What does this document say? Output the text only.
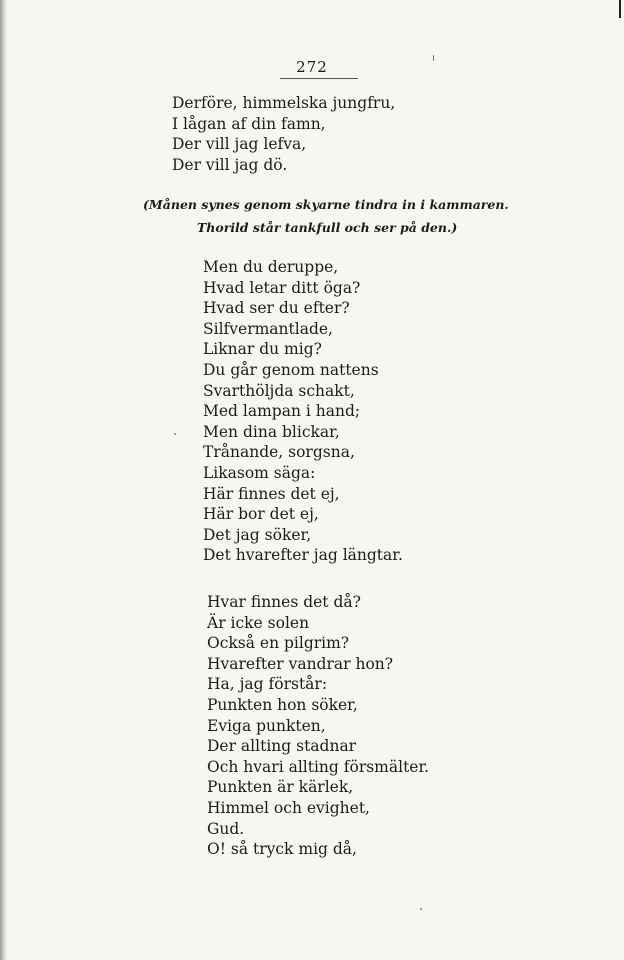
272
Derföre, himmelska jungfru,
I lågan af din famn,
Der vill jag lefva,
Der vill jag dö.

(Månen synes genom skyarne tindra in i kammaren.

Thorild står tankfull och ser på den.)

Men du deruppe,
Hvad letar ditt öga?
Hvad ser du efter?
Silfvermantlade,
Liknar du mig?
Du går genom nattens
Svarthöljda schakt,
Med lampan i hand;
Men dina blickar,
Trånande, sorgsna,
Likasom säga:
Här finnes det ej,
Här bor det ej,
Det jag söker,
Det hvarefter jag längtar.
Hvar finnes det då?
Är icke solen
Också en pilgrim?
Hvarefter vandrar hon?
Ha, jag förstår:
Punkten hon söker,
Eviga punkten,
Der allting stadnar
Och hvari allting försmälter.
Punkten är kärlek,
Himmel och evighet,
Gud.
O! så tryck mig då,
